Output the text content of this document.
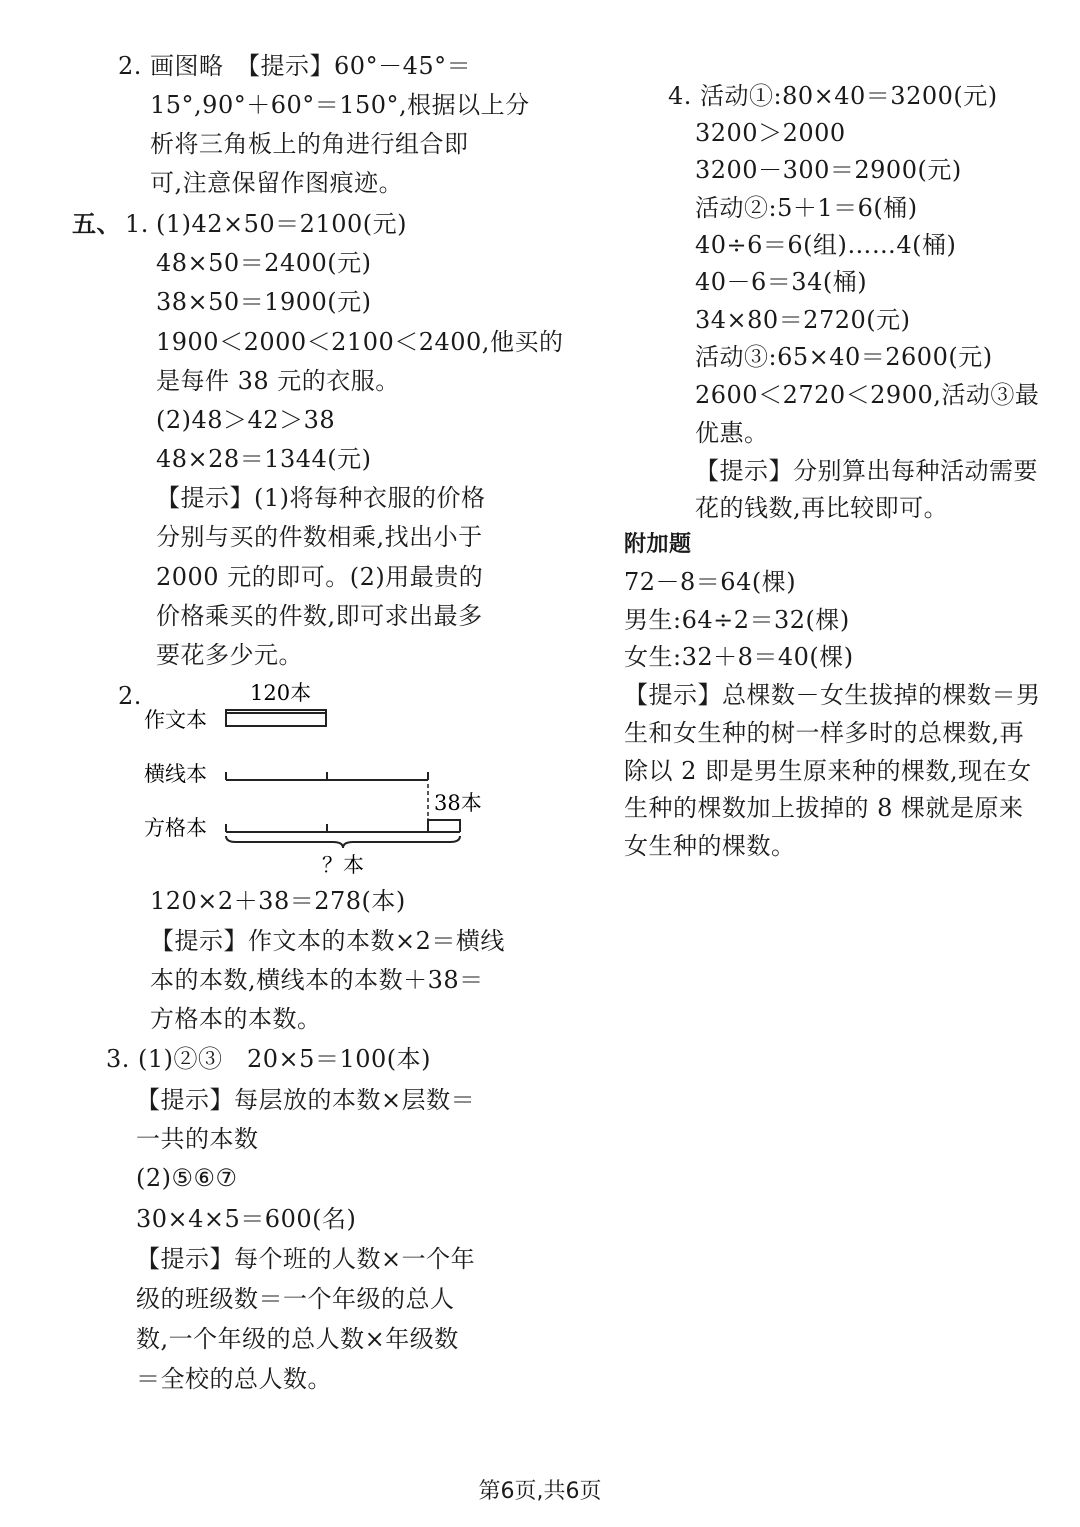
2. 画图略　【提示】60°－45°＝
15°,90°＋60°＝150°,根据以上分
析将三角板上的角进行组合即
可,注意保留作图痕迹。
五、 1. (1)42×50＝2100(元)
48×50＝2400(元)
38×50＝1900(元)
1900＜2000＜2100＜2400,他买的
是每件 38 元的衣服。
(2)48＞42＞38
48×28＝1344(元)
【提示】(1)将每种衣服的价格
分别与买的件数相乘,找出小于
2000 元的即可。(2)用最贵的
价格乘买的件数,即可求出最多
要花多少元。
2.	120本
作文本
横线本
38本
方格本
？本
120×2＋38＝278(本)
【提示】作文本的本数×2＝横线
本的本数,横线本的本数＋38＝
方格本的本数。
3. (1)②③　20×5＝100(本)
【提示】每层放的本数×层数＝
一共的本数
(2)⑤⑥⑦
30×4×5＝600(名)
【提示】每个班的人数×一个年
级的班级数＝一个年级的总人
数,一个年级的总人数×年级数
＝全校的总人数。
4. 活动①:80×40＝3200(元)
3200＞2000
3200－300＝2900(元)
活动②:5＋1＝6(桶)
40÷6＝6(组)……4(桶)
40－6＝34(桶)
34×80＝2720(元)
活动③:65×40＝2600(元)
2600＜2720＜2900,活动③最
优惠。
【提示】分别算出每种活动需要
花的钱数,再比较即可。
附加题
72－8＝64(棵)
男生:64÷2＝32(棵)
女生:32＋8＝40(棵)
【提示】总棵数－女生拔掉的棵数＝男
生和女生种的树一样多时的总棵数,再
除以 2 即是男生原来种的棵数,现在女
生种的棵数加上拔掉的 8 棵就是原来
女生种的棵数。
第6页,共6页
